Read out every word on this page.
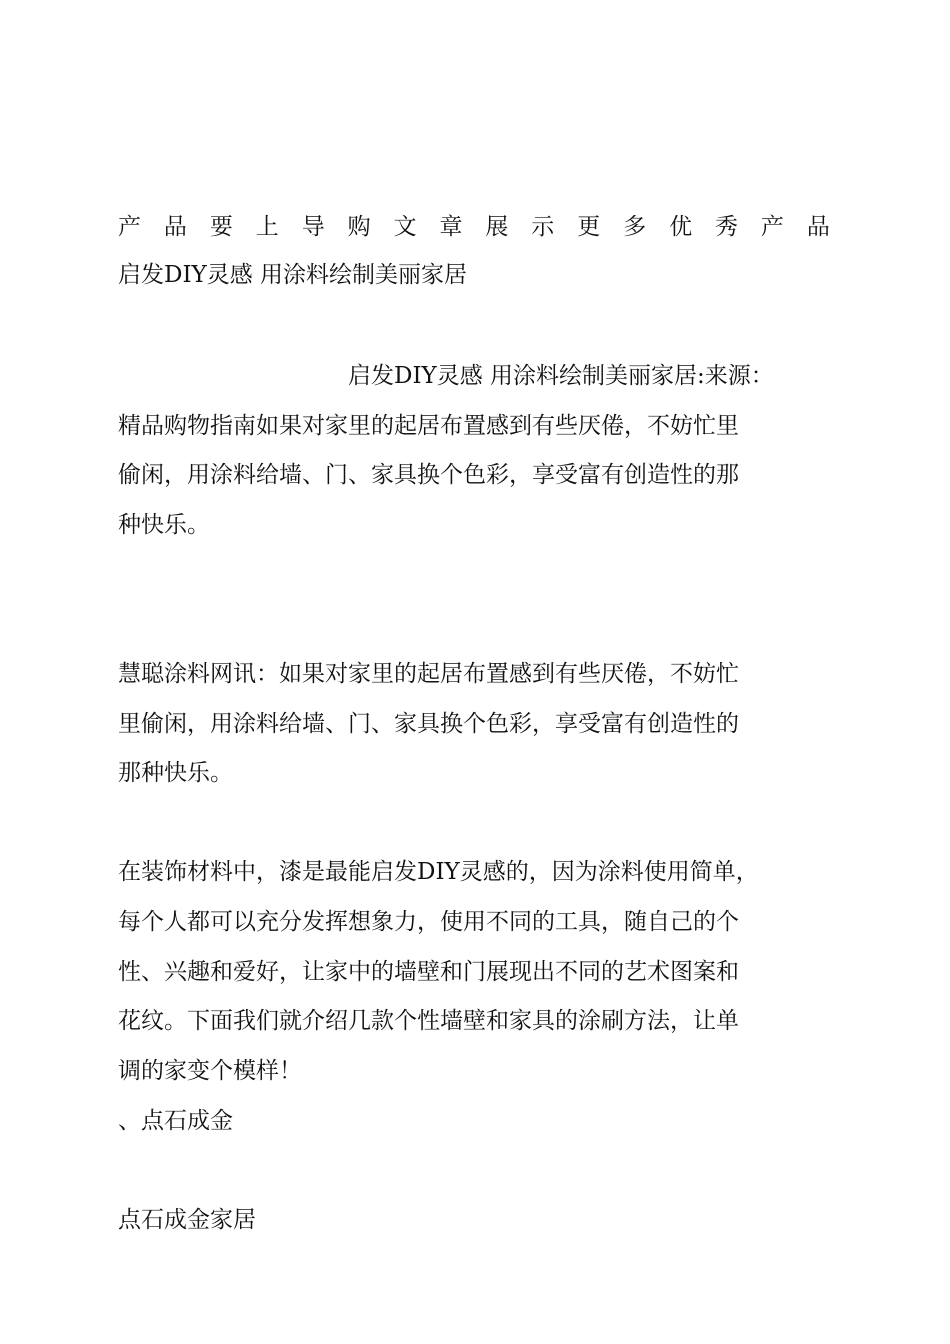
产 品 要 上 导 购 文 章 展 示 更 多 优 秀 产 品
启发DIY灵感 用涂料绘制美丽家居
启发DIY灵感 用涂料绘制美丽家居:来源：
精品购物指南如果对家里的起居布置感到有些厌倦，不妨忙里
偷闲，用涂料给墙、门、家具换个色彩，享受富有创造性的那
种快乐。
慧聪涂料网讯：如果对家里的起居布置感到有些厌倦，不妨忙
里偷闲，用涂料给墙、门、家具换个色彩，享受富有创造性的
那种快乐。
在装饰材料中，漆是最能启发DIY灵感的，因为涂料使用简单，
每个人都可以充分发挥想象力，使用不同的工具，随自己的个
性、兴趣和爱好，让家中的墙壁和门展现出不同的艺术图案和
花纹。下面我们就介绍几款个性墙壁和家具的涂刷方法，让单
调的家变个模样！
、点石成金
点石成金家居
